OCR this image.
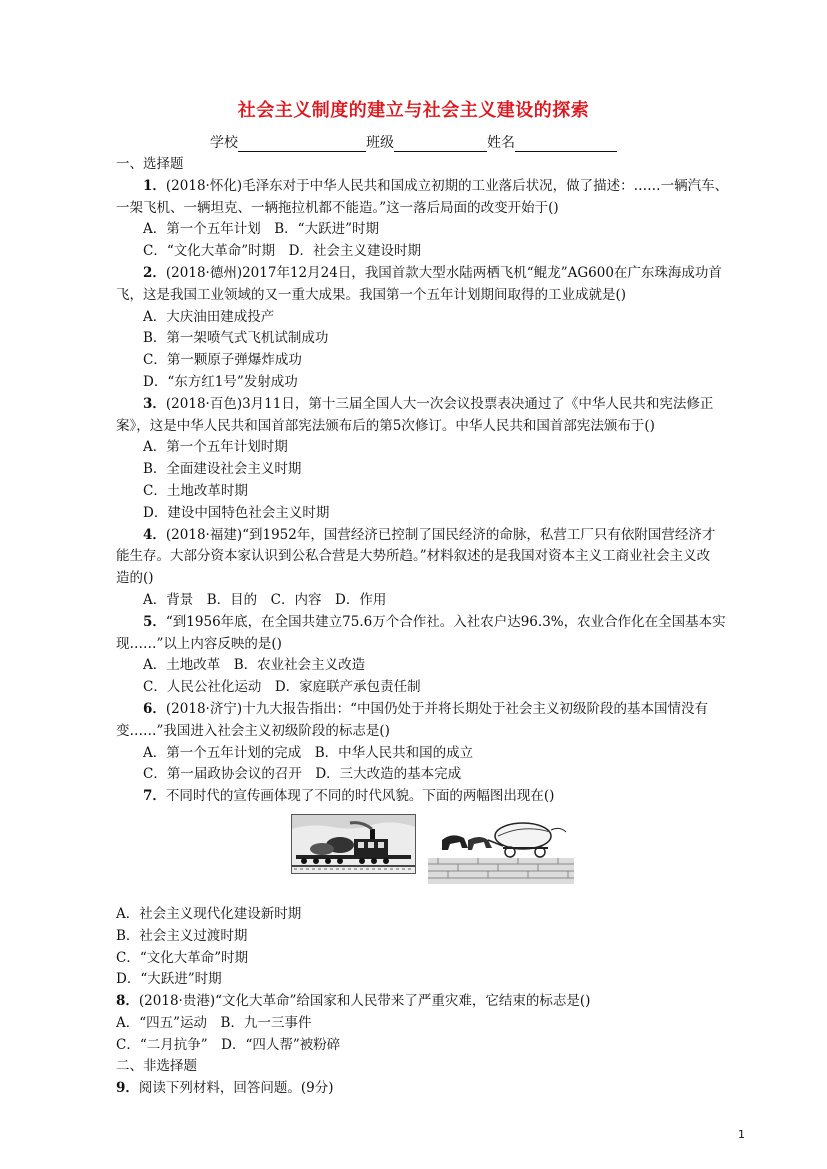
社会主义制度的建立与社会主义建设的探索
学校	班级	姓名
一、选择题
1．(2018·怀化)毛泽东对于中华人民共和国成立初期的工业落后状况，做了描述：……一辆汽车、
一架飞机、一辆坦克、一辆拖拉机都不能造。”这一落后局面的改变开始于()
A．第一个五年计划　B．“大跃进”时期
C．“文化大革命”时期　D．社会主义建设时期
2．(2018·德州)2017年12月24日，我国首款大型水陆两栖飞机“鲲龙”AG600在广东珠海成功首
飞，这是我国工业领域的又一重大成果。我国第一个五年计划期间取得的工业成就是()
A．大庆油田建成投产
B．第一架喷气式飞机试制成功
C．第一颗原子弹爆炸成功
D．“东方红1号”发射成功
3．(2018·百色)3月11日，第十三届全国人大一次会议投票表决通过了《中华人民共和宪法修正
案》，这是中华人民共和国首部宪法颁布后的第5次修订。中华人民共和国首部宪法颁布于()
A．第一个五年计划时期
B．全面建设社会主义时期
C．土地改革时期
D．建设中国特色社会主义时期
4．(2018·福建)“到1952年，国营经济已控制了国民经济的命脉，私营工厂只有依附国营经济才
能生存。大部分资本家认识到公私合营是大势所趋。”材料叙述的是我国对资本主义工商业社会主义改
造的()
A．背景　B．目的　C．内容　D．作用
5．“到1956年底，在全国共建立75.6万个合作社。入社农户达96.3%，农业合作化在全国基本实
现……”以上内容反映的是()
A．土地改革　B．农业社会主义改造
C．人民公社化运动　D．家庭联产承包责任制
6．(2018·济宁)十九大报告指出：“中国仍处于并将长期处于社会主义初级阶段的基本国情没有
变……”我国进入社会主义初级阶段的标志是()
A．第一个五年计划的完成　B．中华人民共和国的成立
C．第一届政协会议的召开　D．三大改造的基本完成
7．不同时代的宣传画体现了不同的时代风貌。下面的两幅图出现在()
A．社会主义现代化建设新时期
B．社会主义过渡时期
C．“文化大革命”时期
D．“大跃进”时期
8．(2018·贵港)“文化大革命”给国家和人民带来了严重灾难，它结束的标志是()
A．“四五”运动　B．九一三事件
C．“二月抗争”　D．“四人帮”被粉碎
二、非选择题
9．阅读下列材料，回答问题。(9分)
1
